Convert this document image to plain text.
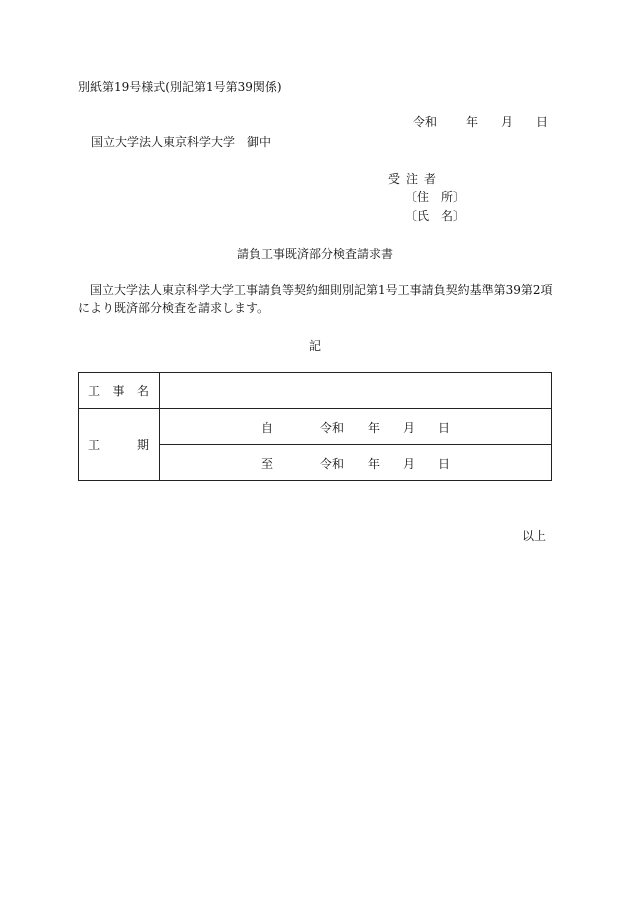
別紙第19号様式(別記第1号第39関係)
令和 年 月 日
国立大学法人東京科学大学　御中
受注者
〔住　所〕
〔氏　名〕
請負工事既済部分検査請求書
国立大学法人東京科学大学工事請負等契約細則別記第1号工事請負契約基準第39第2項により既済部分検査を請求します。
記
工 事 名	

工 期	自 令和 年 月 日

	至 令和 年 月 日
以上
